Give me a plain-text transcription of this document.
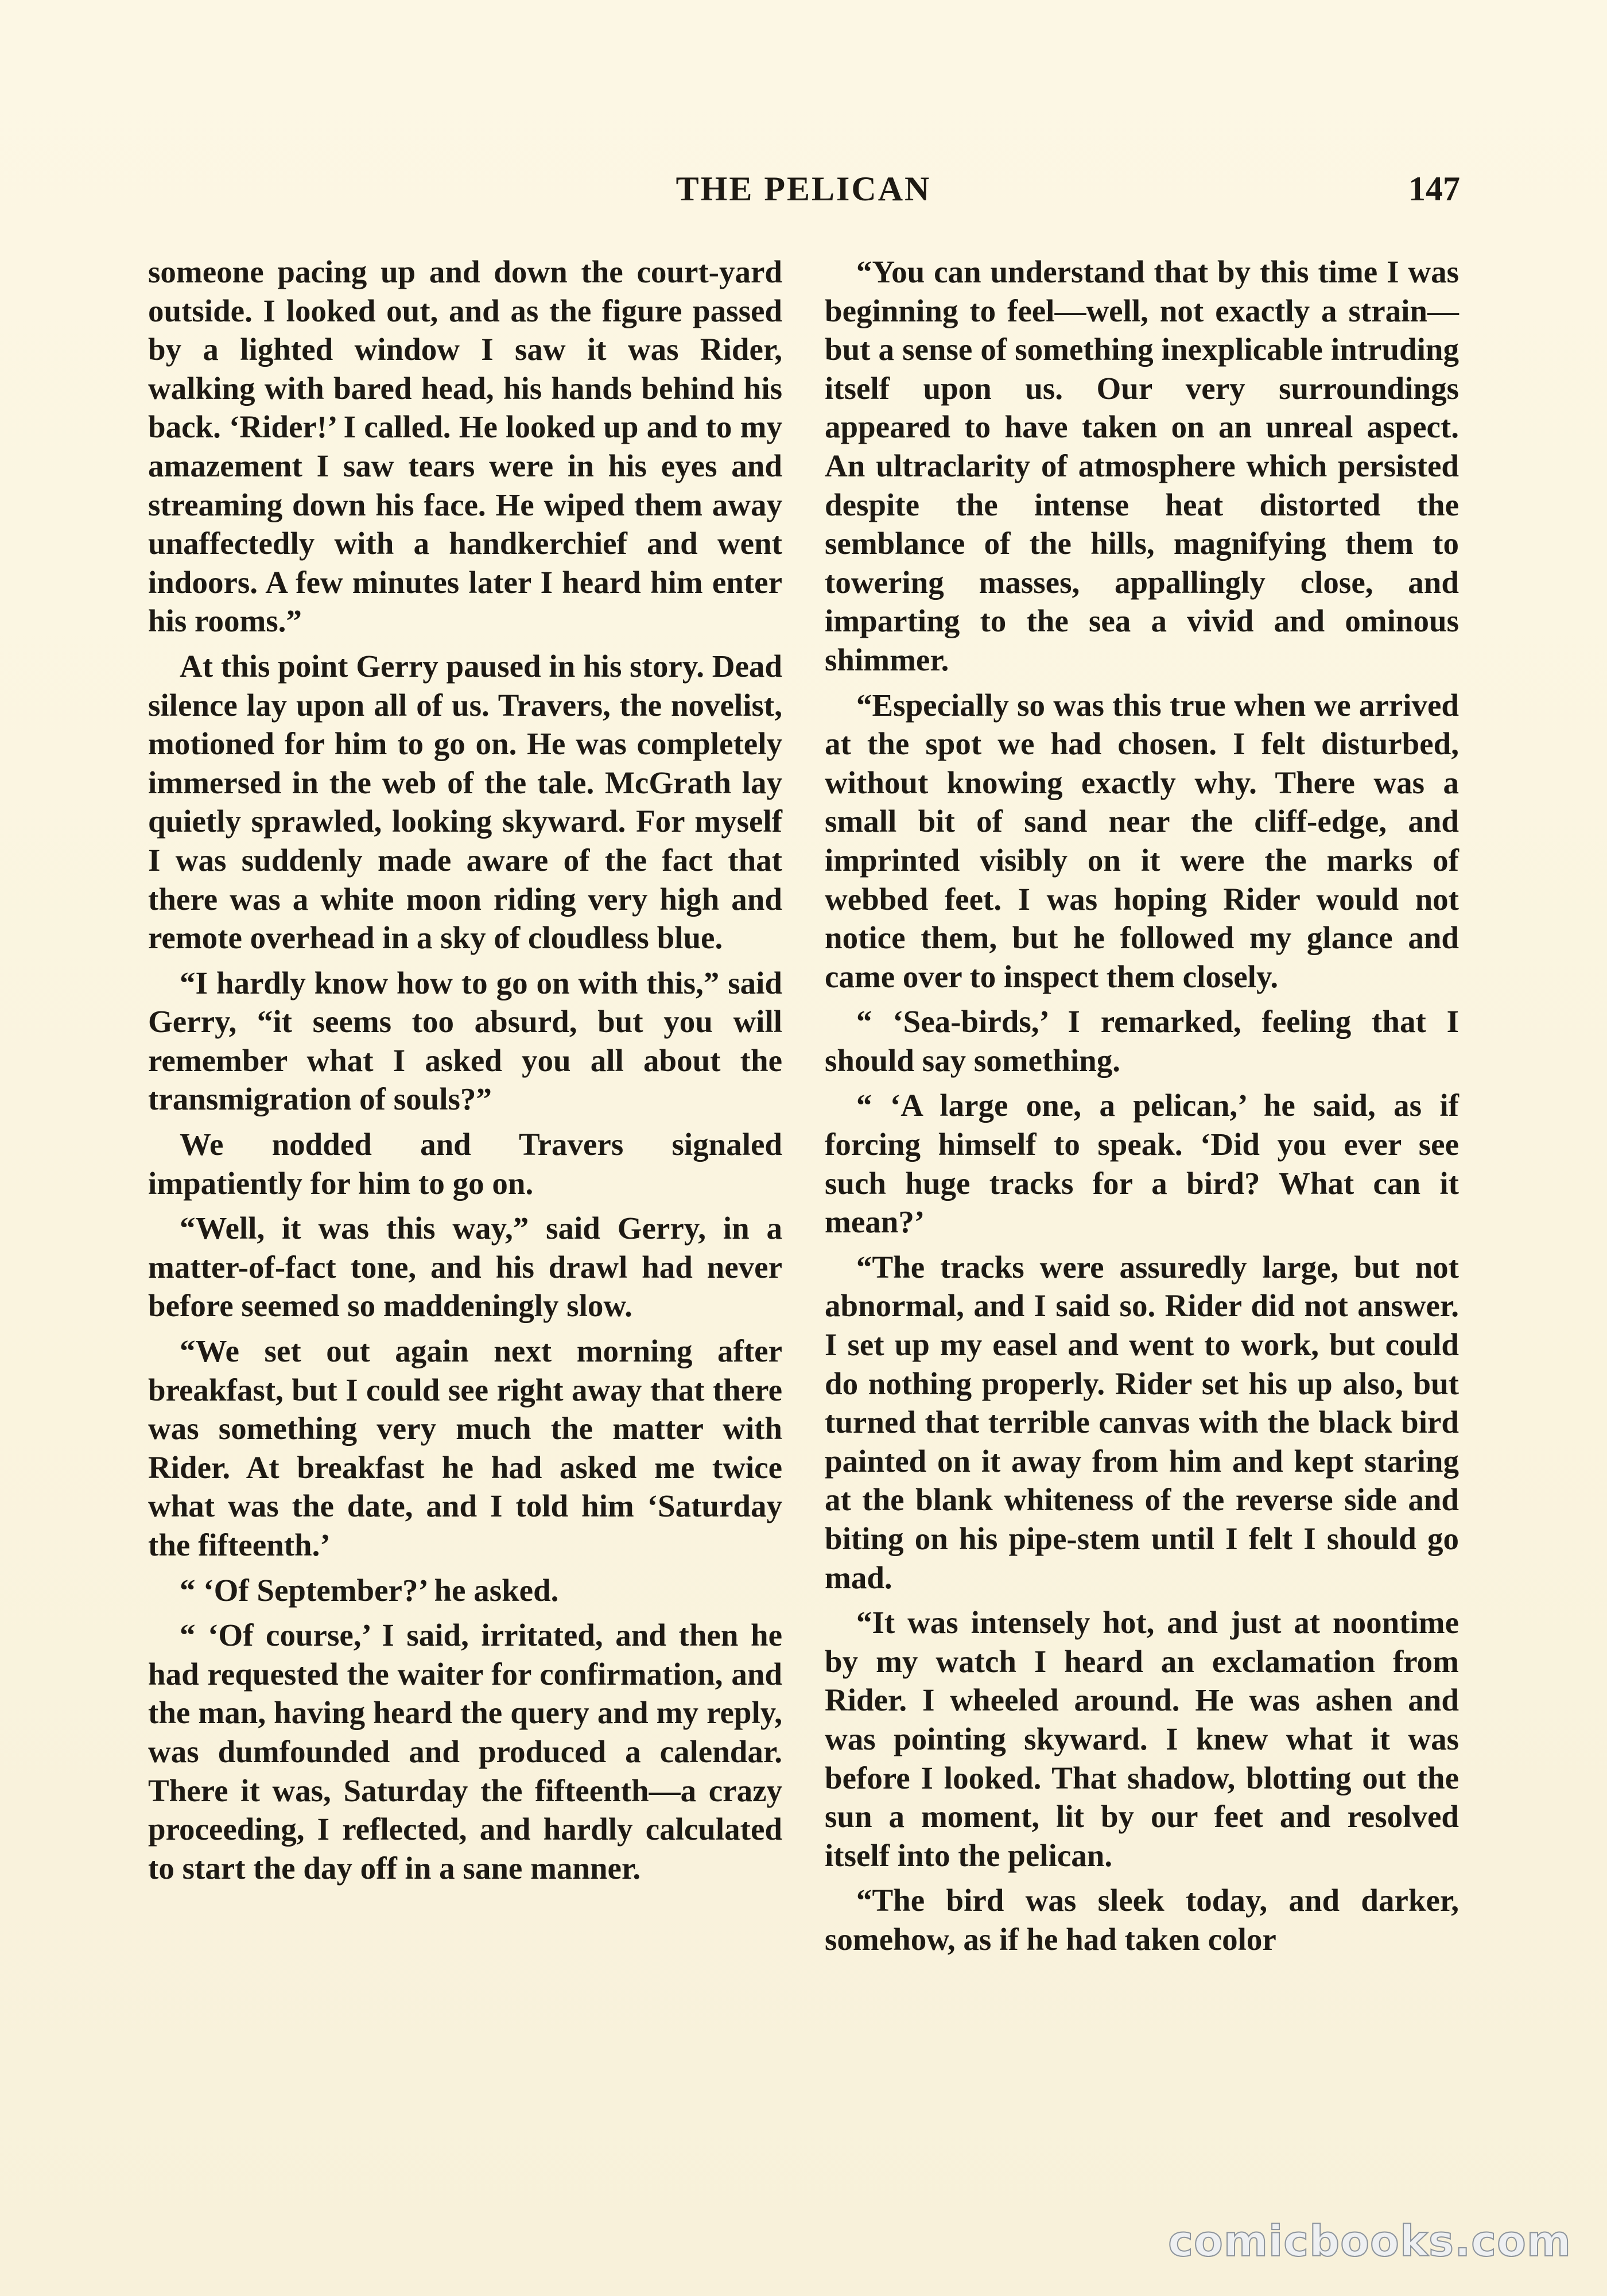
THE PELICAN	147

someone pacing up and down the court-yard outside. I looked out, and as the figure passed by a lighted window I saw it was Rider, walking with bared head, his hands behind his back. ‘Rider!’ I called. He looked up and to my amazement I saw tears were in his eyes and streaming down his face. He wiped them away unaffectedly with a handkerchief and went indoors. A few minutes later I heard him enter his rooms.”

At this point Gerry paused in his story. Dead silence lay upon all of us. Travers, the novelist, motioned for him to go on. He was completely immersed in the web of the tale. McGrath lay quietly sprawled, looking skyward. For myself I was suddenly made aware of the fact that there was a white moon riding very high and remote overhead in a sky of cloudless blue.

“I hardly know how to go on with this,” said Gerry, “it seems too absurd, but you will remember what I asked you all about the transmigration of souls?”

We nodded and Travers signaled impatiently for him to go on.

“Well, it was this way,” said Gerry, in a matter-of-fact tone, and his drawl had never before seemed so maddeningly slow.

“We set out again next morning after breakfast, but I could see right away that there was something very much the matter with Rider. At breakfast he had asked me twice what was the date, and I told him ‘Saturday the fifteenth.’

“ ‘Of September?’ he asked.

“ ‘Of course,’ I said, irritated, and then he had requested the waiter for confirmation, and the man, having heard the query and my reply, was dumfounded and produced a calendar. There it was, Saturday the fifteenth—a crazy proceeding, I reflected, and hardly calculated to start the day off in a sane manner.

“You can understand that by this time I was beginning to feel—well, not exactly a strain—but a sense of something inexplicable intruding itself upon us. Our very surroundings appeared to have taken on an unreal aspect. An ultraclarity of atmosphere which persisted despite the intense heat distorted the semblance of the hills, magnifying them to towering masses, appallingly close, and imparting to the sea a vivid and ominous shimmer.

“Especially so was this true when we arrived at the spot we had chosen. I felt disturbed, without knowing exactly why. There was a small bit of sand near the cliff-edge, and imprinted visibly on it were the marks of webbed feet. I was hoping Rider would not notice them, but he followed my glance and came over to inspect them closely.

“ ‘Sea-birds,’ I remarked, feeling that I should say something.

“ ‘A large one, a pelican,’ he said, as if forcing himself to speak. ‘Did you ever see such huge tracks for a bird? What can it mean?’

“The tracks were assuredly large, but not abnormal, and I said so. Rider did not answer. I set up my easel and went to work, but could do nothing properly. Rider set his up also, but turned that terrible canvas with the black bird painted on it away from him and kept staring at the blank whiteness of the reverse side and biting on his pipe-stem until I felt I should go mad.

“It was intensely hot, and just at noontime by my watch I heard an exclamation from Rider. I wheeled around. He was ashen and was pointing skyward. I knew what it was before I looked. That shadow, blotting out the sun a moment, lit by our feet and resolved itself into the pelican.

“The bird was sleek today, and darker, somehow, as if he had taken color

comicbooks.com
